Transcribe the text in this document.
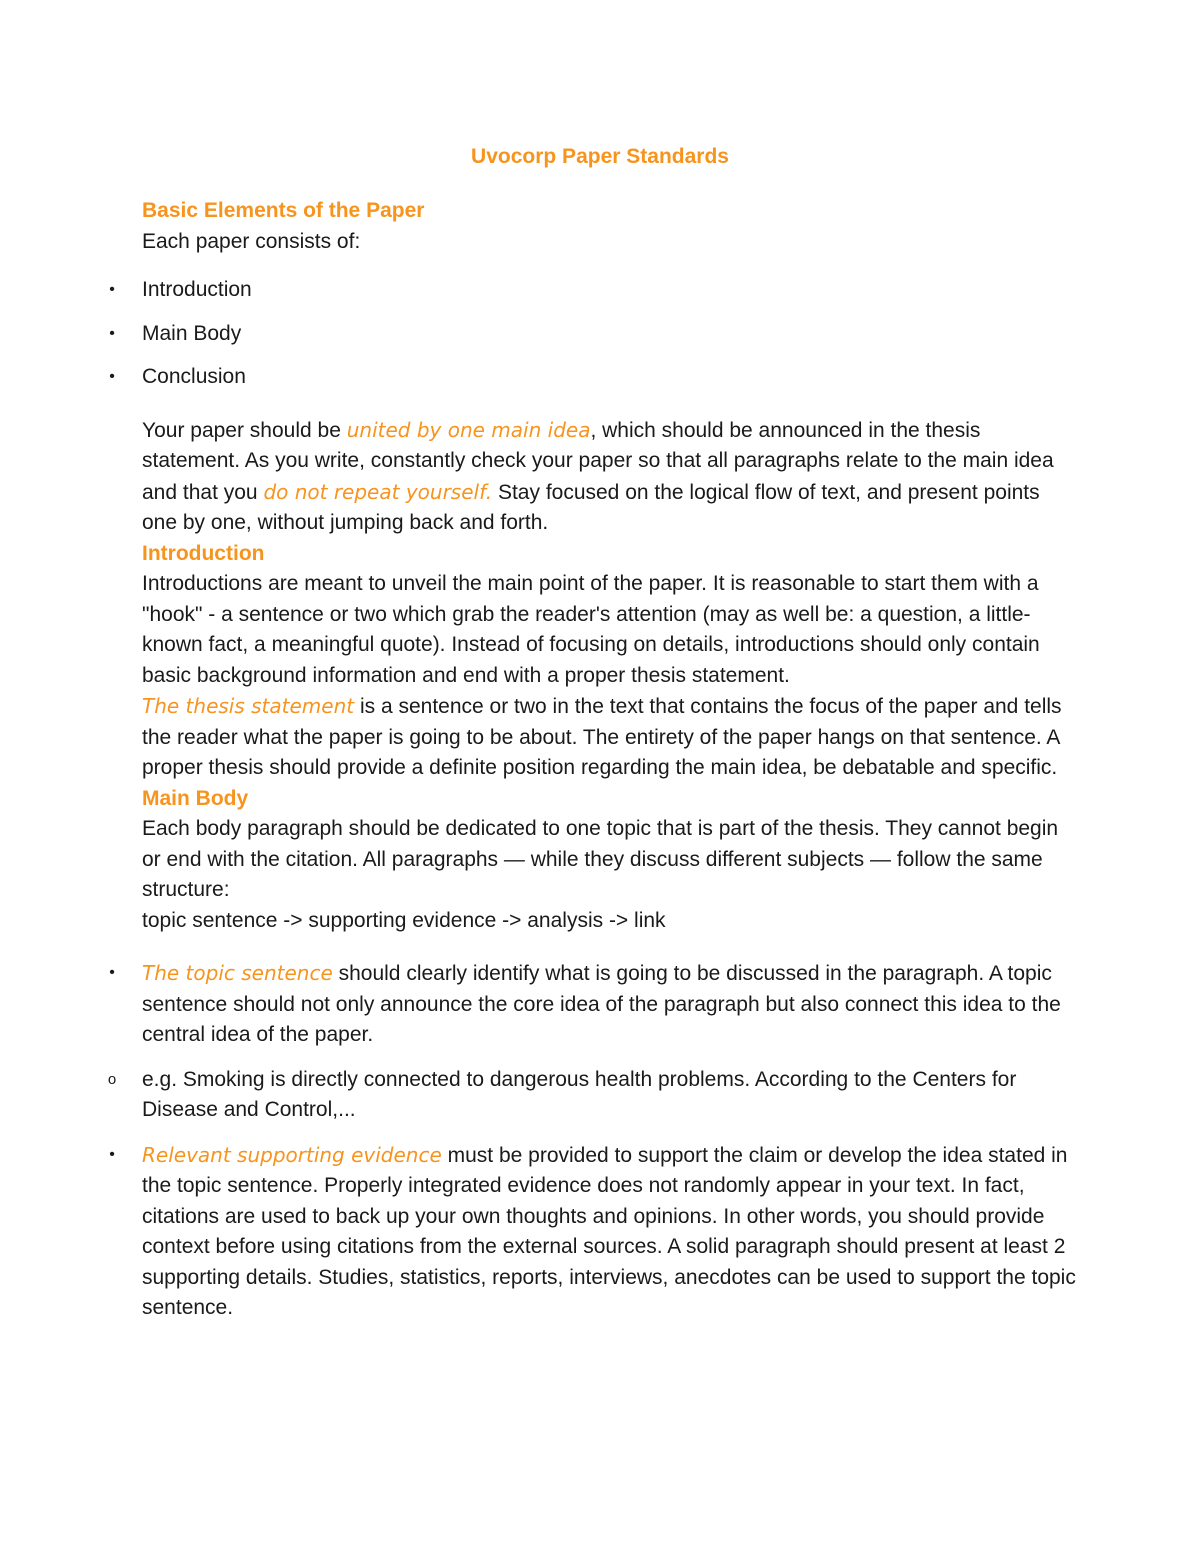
Uvocorp Paper Standards
Basic Elements of the Paper

Each paper consists of:

•	Introduction
•	Main Body
•	Conclusion

Your paper should be united by one main idea, which should be announced in the thesis statement. As you write, constantly check your paper so that all paragraphs relate to the main idea and that you do not repeat yourself. Stay focused on the logical flow of text, and present points one by one, without jumping back and forth.

Introduction

Introductions are meant to unveil the main point of the paper. It is reasonable to start them with a "hook" - a sentence or two which grab the reader's attention (may as well be: a question, a little-known fact, a meaningful quote). Instead of focusing on details, introductions should only contain basic background information and end with a proper thesis statement.

The thesis statement is a sentence or two in the text that contains the focus of the paper and tells the reader what the paper is going to be about. The entirety of the paper hangs on that sentence. A proper thesis should provide a definite position regarding the main idea, be debatable and specific.

Main Body

Each body paragraph should be dedicated to one topic that is part of the thesis. They cannot begin or end with the citation. All paragraphs — while they discuss different subjects — follow the same structure:

topic sentence -> supporting evidence -> analysis -> link

•	The topic sentence should clearly identify what is going to be discussed in the paragraph. A topic sentence should not only announce the core idea of the paragraph but also connect this idea to the central idea of the paper.
o e.g. Smoking is directly connected to dangerous health problems. According to the Centers for Disease and Control,...
•	Relevant supporting evidence must be provided to support the claim or develop the idea stated in the topic sentence. Properly integrated evidence does not randomly appear in your text. In fact, citations are used to back up your own thoughts and opinions. In other words, you should provide context before using citations from the external sources. A solid paragraph should present at least 2 supporting details. Studies, statistics, reports, interviews, anecdotes can be used to support the topic sentence.
